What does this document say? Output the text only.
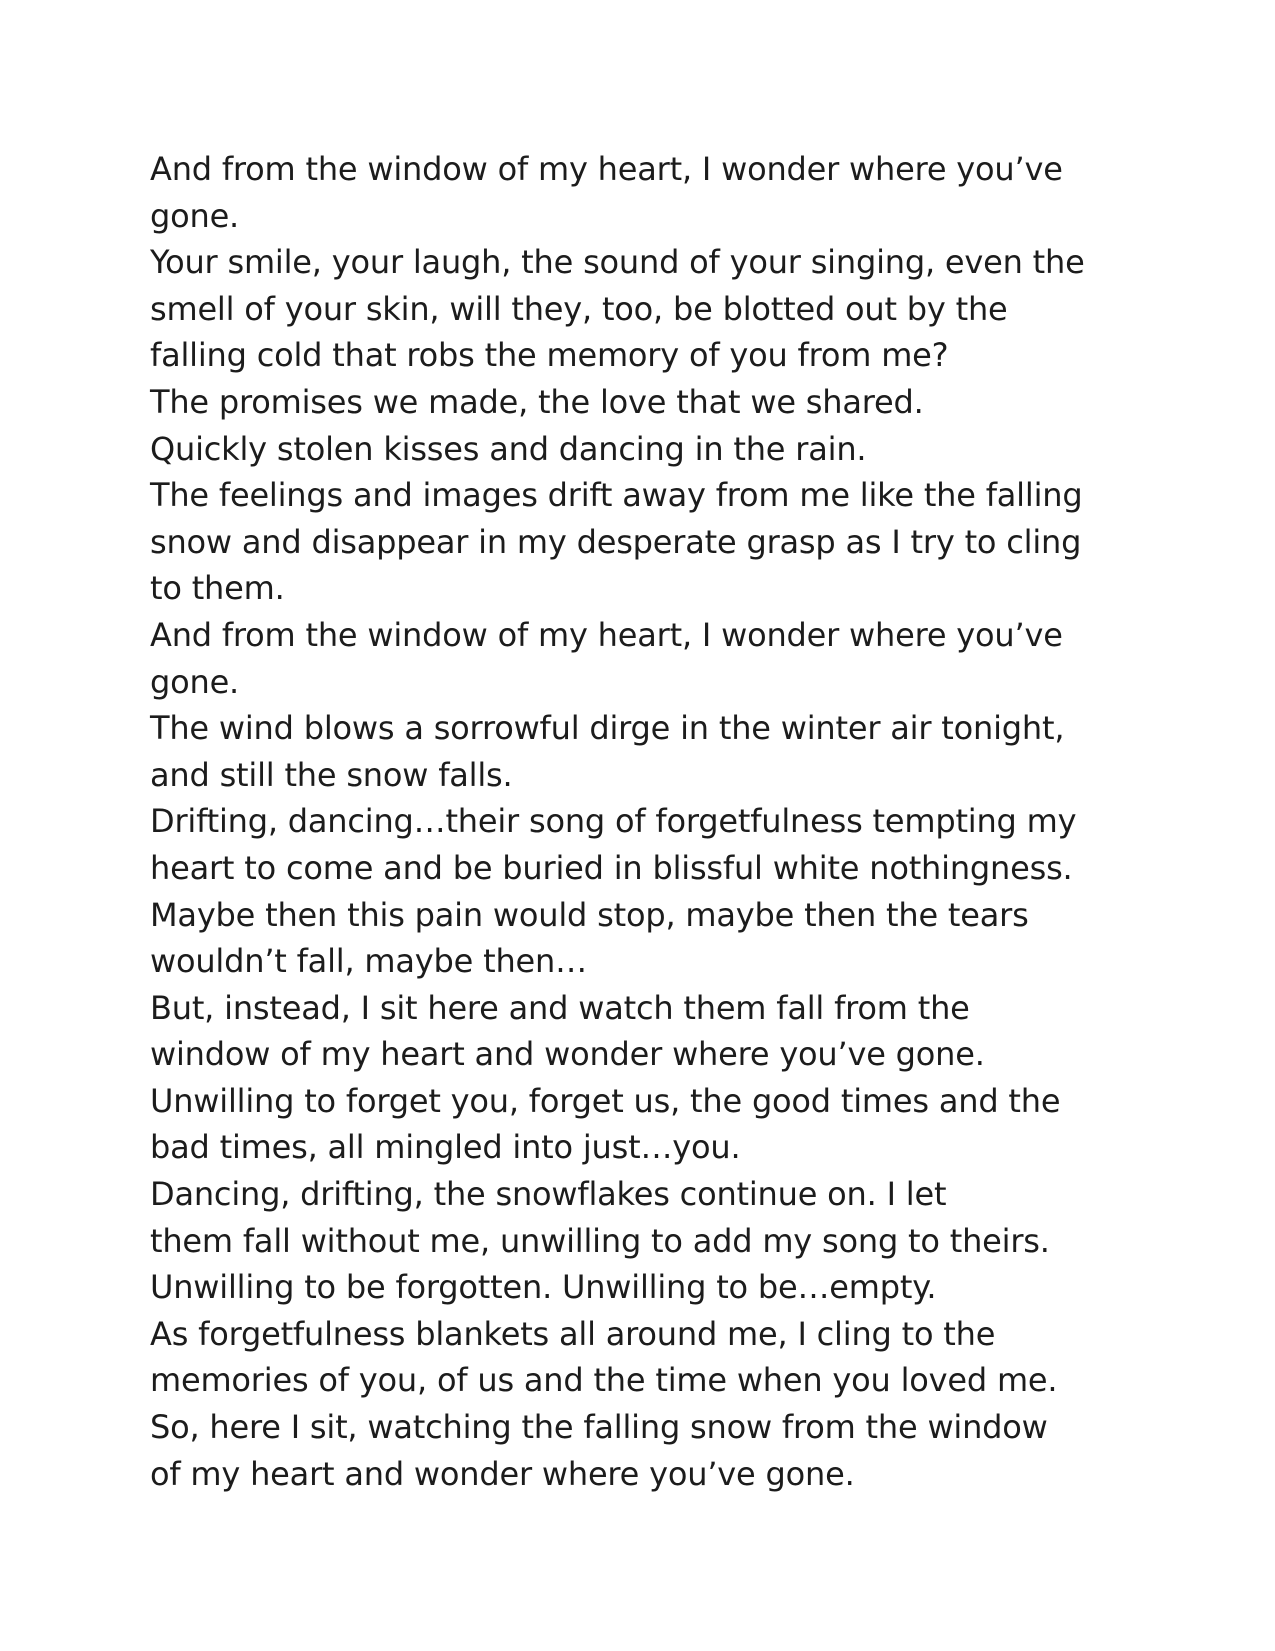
And from the window of my heart, I wonder where you’ve
gone.
Your smile, your laugh, the sound of your singing, even the
smell of your skin, will they, too, be blotted out by the
falling cold that robs the memory of you from me?
The promises we made, the love that we shared.
Quickly stolen kisses and dancing in the rain.
The feelings and images drift away from me like the falling
snow and disappear in my desperate grasp as I try to cling
to them.
And from the window of my heart, I wonder where you’ve
gone.
The wind blows a sorrowful dirge in the winter air tonight,
and still the snow falls.
Drifting, dancing…their song of forgetfulness tempting my
heart to come and be buried in blissful white nothingness.
Maybe then this pain would stop, maybe then the tears
wouldn’t fall, maybe then…
But, instead, I sit here and watch them fall from the
window of my heart and wonder where you’ve gone.
Unwilling to forget you, forget us, the good times and the
bad times, all mingled into just…you.
Dancing, drifting, the snowflakes continue on. I let
them fall without me, unwilling to add my song to theirs.
Unwilling to be forgotten. Unwilling to be…empty.
As forgetfulness blankets all around me, I cling to the
memories of you, of us and the time when you loved me.
So, here I sit, watching the falling snow from the window
of my heart and wonder where you’ve gone.
